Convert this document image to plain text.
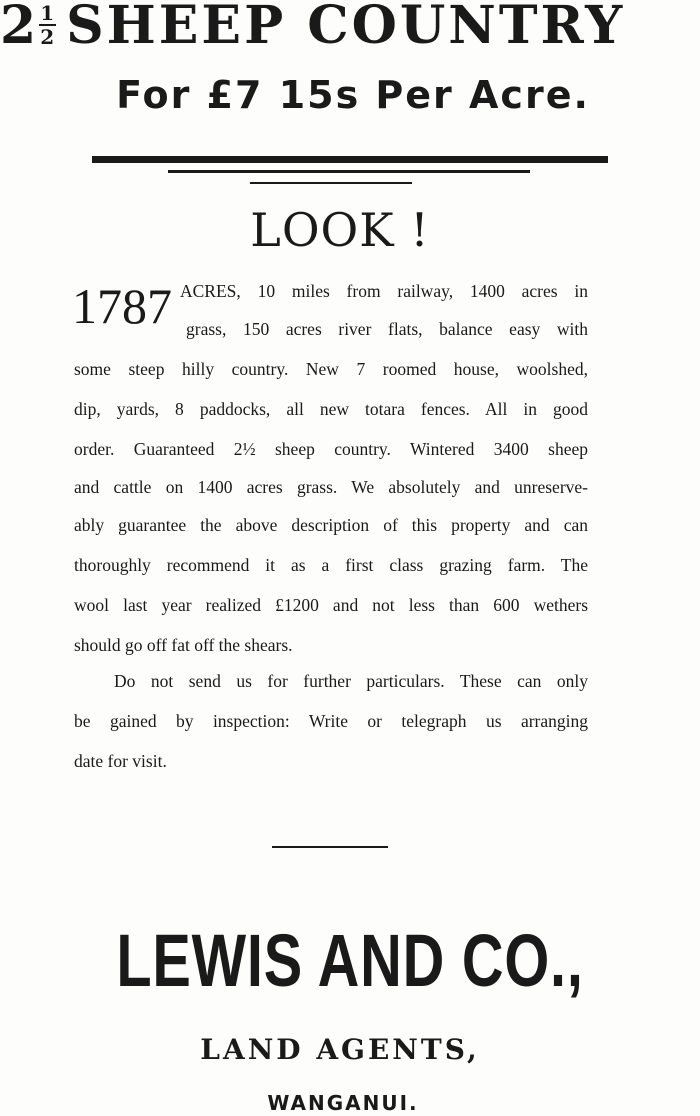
$2 \frac{1}{2}$ SHEEP COUNTRY
For £7 15s Per Acre.
LOOK !
1787 ACRES, 10 miles from railway, 1400 acres in
grass, 150 acres river flats, balance easy with
some steep hilly country. New 7 roomed house, woolshed,
dip, yards, 8 paddocks, all new totara fences. All in good
order. Guaranteed 2½ sheep country. Wintered 3400 sheep
and cattle on 1400 acres grass. We absolutely and unreserve-
ably guarantee the above description of this property and can
thoroughly recommend it as a first class grazing farm. The
wool last year realized £1200 and not less than 600 wethers
should go off fat off the shears.
Do not send us for further particulars. These can only
be gained by inspection: Write or telegraph us arranging
date for visit.
LEWIS AND CO.,
LAND AGENTS,
WANGANUI.
